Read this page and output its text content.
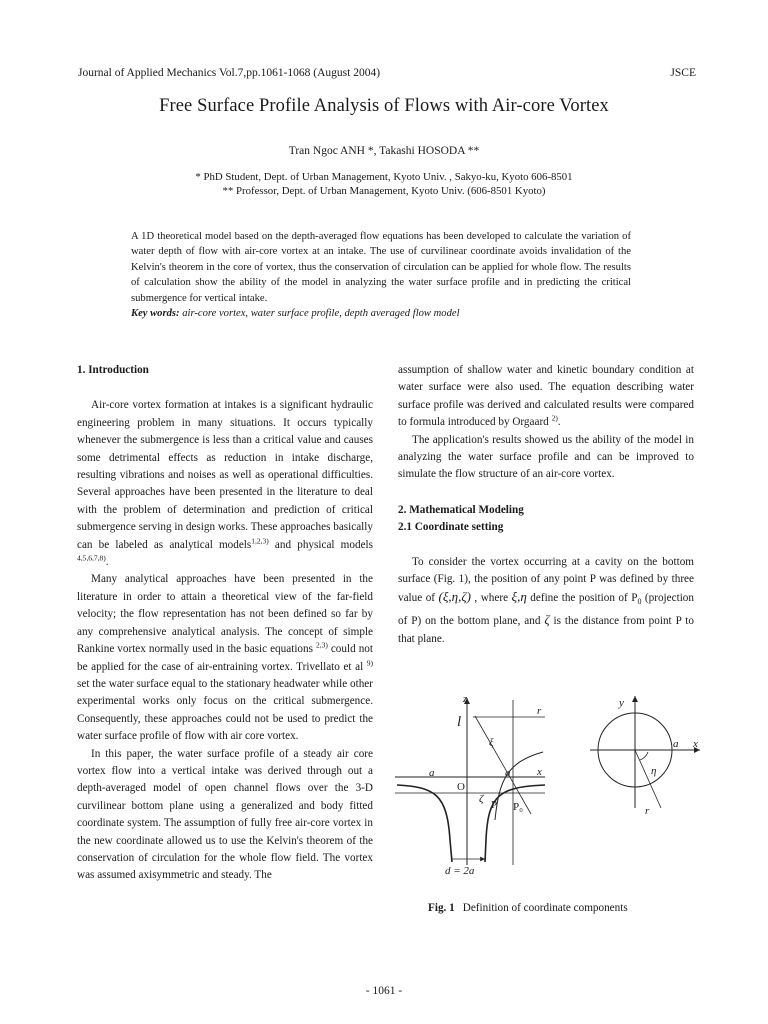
Journal of Applied Mechanics Vol.7,pp.1061-1068 (August 2004)	JSCE
Free Surface Profile Analysis of Flows with Air-core Vortex
Tran Ngoc ANH *, Takashi HOSODA **
* PhD Student, Dept. of Urban Management, Kyoto Univ. , Sakyo-ku, Kyoto 606-8501
** Professor, Dept. of Urban Management, Kyoto Univ. (606-8501 Kyoto)
A 1D theoretical model based on the depth-averaged flow equations has been developed to calculate the variation of water depth of flow with air-core vortex at an intake. The use of curvilinear coordinate avoids invalidation of the Kelvin's theorem in the core of vortex, thus the conservation of circulation can be applied for whole flow. The results of calculation show the ability of the model in analyzing the water surface profile and in predicting the critical submergence for vertical intake.
Key words: air-core vortex, water surface profile, depth averaged flow model
1. Introduction

Air-core vortex formation at intakes is a significant hydraulic engineering problem in many situations. It occurs typically whenever the submergence is less than a critical value and causes some detrimental effects as reduction in intake discharge, resulting vibrations and noises as well as operational difficulties. Several approaches have been presented in the literature to deal with the problem of determination and prediction of critical submergence serving in design works. These approaches basically can be labeled as analytical models$^{1,2,3)}$ and physical models $^{4,5,6,7,8)}$.

Many analytical approaches have been presented in the literature in order to attain a theoretical view of the far-field velocity; the flow representation has not been defined so far by any comprehensive analytical analysis. The concept of simple Rankine vortex normally used in the basic equations $^{2,3)}$ could not be applied for the case of air-entraining vortex. Trivellato et al $^{9)}$ set the water surface equal to the stationary headwater while other experimental works only focus on the critical submergence. Consequently, these approaches could not be used to predict the water surface profile of flow with air core vortex.

In this paper, the water surface profile of a steady air core vortex flow into a vertical intake was derived through out a depth-averaged model of open channel flows over the 3-D curvilinear bottom plane using a generalized and body fitted coordinate system. The assumption of fully free air-core vortex in the new coordinate allowed us to use the Kelvin's theorem of the conservation of circulation for the whole flow field. The vortex was assumed axisymmetric and steady. The

assumption of shallow water and kinetic boundary condition at water surface were also used. The equation describing water surface profile was derived and calculated results were compared to formula introduced by Orgaard $^{2)}$.

The application's results showed us the ability of the model in analyzing the water surface profile and can be improved to simulate the flow structure of an air-core vortex.

2. Mathematical Modeling
2.1 Coordinate setting

To consider the vortex occurring at a cavity on the bottom surface (Fig. 1), the position of any point P was defined by three value of (ξ,η,ζ) , where ξ,η define the position of $P_0$ (projection of P) on the bottom plane, and ζ is the distance from point P to that plane.

z
r
l
ξ
a	a x
O
ζ P P₀
d = 2a
y
a x
η
r
Fig. 1 Definition of coordinate components
- 1061 -
